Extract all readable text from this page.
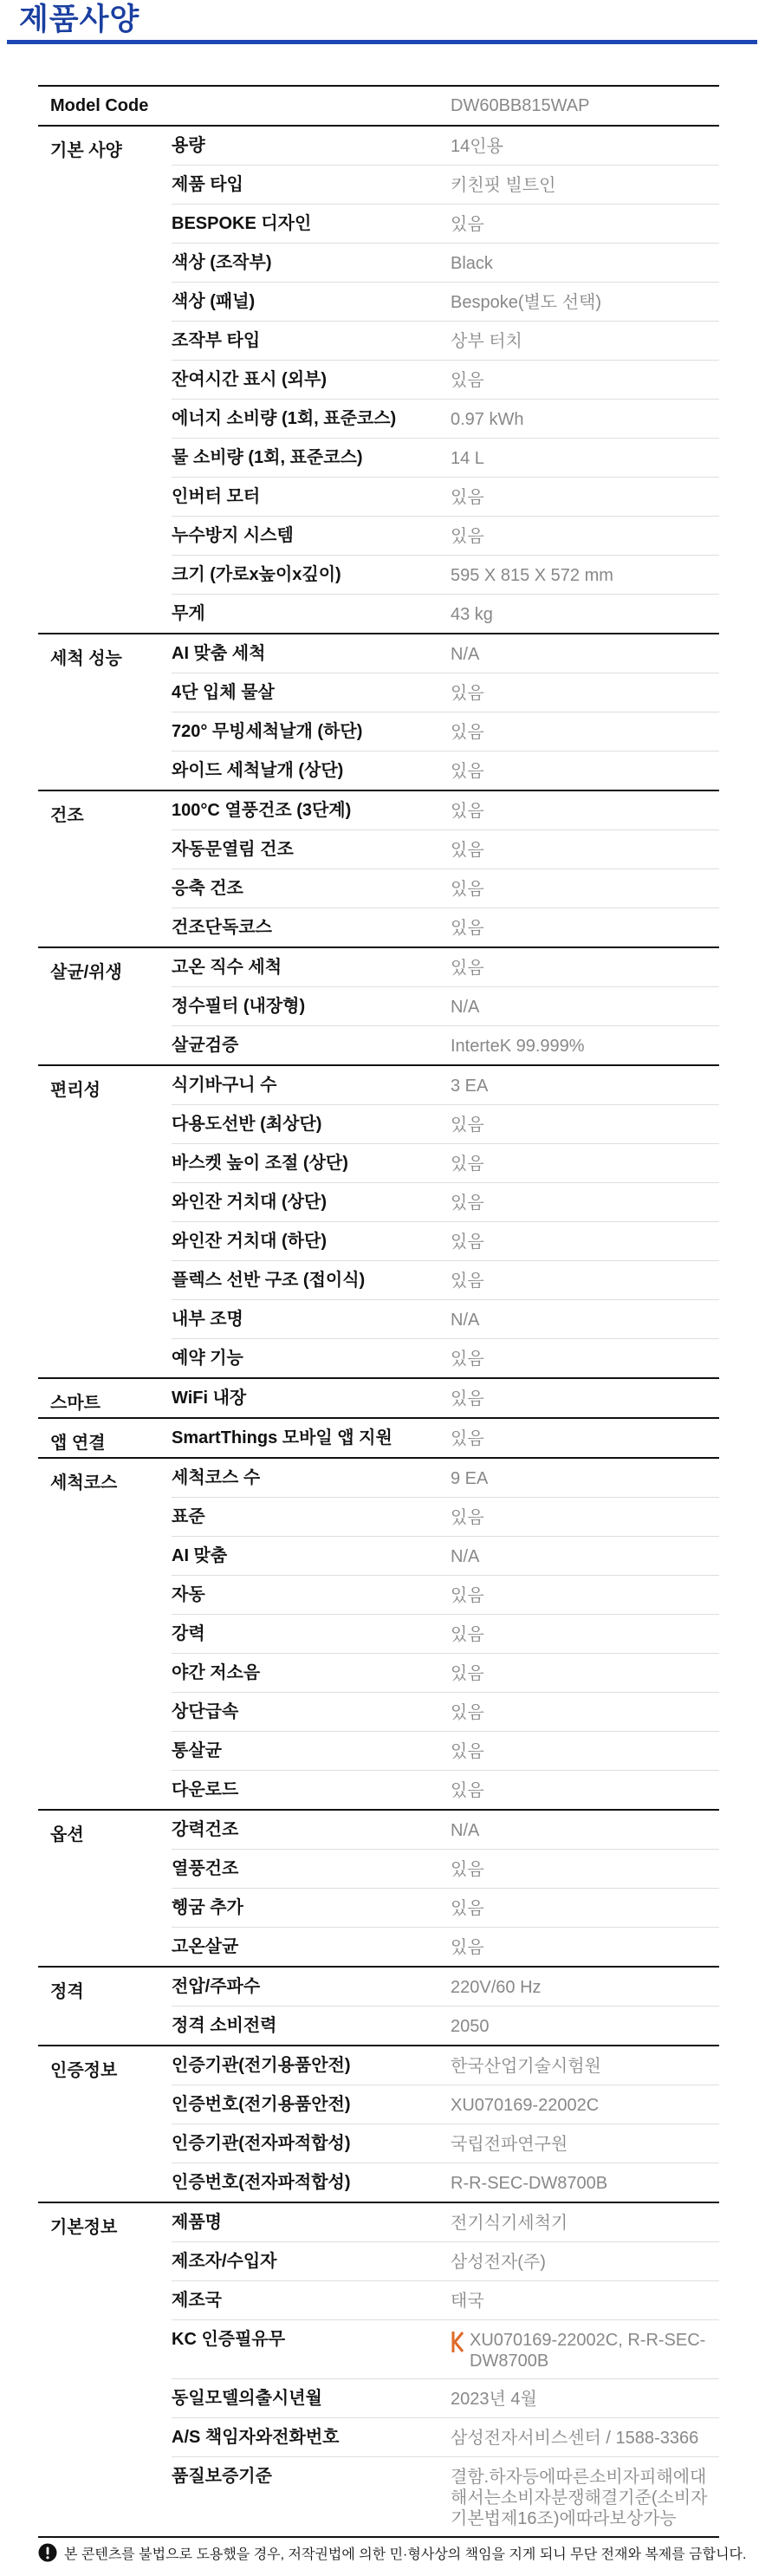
제품사양
Model Code	DW60BB815WAP
기본 사양	용량	14인용
제품 타입	키친핏 빌트인
BESPOKE 디자인	있음
색상 (조작부)	Black
색상 (패널)	Bespoke(별도 선택)
조작부 타입	상부 터치
잔여시간 표시 (외부)	있음
에너지 소비량 (1회, 표준코스)	0.97 kWh
물 소비량 (1회, 표준코스)	14 L
인버터 모터	있음
누수방지 시스템	있음
크기 (가로x높이x깊이)	595 X 815 X 572 mm
무게	43 kg
세척 성능	AI 맞춤 세척	N/A
4단 입체 물살	있음
720° 무빙세척날개 (하단)	있음
와이드 세척날개 (상단)	있음
건조	100°C 열풍건조 (3단계)	있음
자동문열림 건조	있음
응축 건조	있음
건조단독코스	있음
살균/위생	고온 직수 세척	있음
정수필터 (내장형)	N/A
살균검증	InterteK 99.999%
편리성	식기바구니 수	3 EA
다용도선반 (최상단)	있음
바스켓 높이 조절 (상단)	있음
와인잔 거치대 (상단)	있음
와인잔 거치대 (하단)	있음
플렉스 선반 구조 (접이식)	있음
내부 조명	N/A
예약 기능	있음
스마트	WiFi 내장	있음
앱 연결	SmartThings 모바일 앱 지원	있음
세척코스	세척코스 수	9 EA
표준	있음
AI 맞춤	N/A
자동	있음
강력	있음
야간 저소음	있음
상단급속	있음
통살균	있음
다운로드	있음
옵션	강력건조	N/A
열풍건조	있음
헹굼 추가	있음
고온살균	있음
정격	전압/주파수	220V/60 Hz
정격 소비전력	2050
인증정보	인증기관(전기용품안전)	한국산업기술시험원
인증번호(전기용품안전)	XU070169-22002C
인증기관(전자파적합성)	국립전파연구원
인증번호(전자파적합성)	R-R-SEC-DW8700B
기본정보	제품명	전기식기세척기
제조자/수입자	삼성전자(주)
제조국	태국
KC 인증필유무	XU070169-22002C, R-R-SEC-DW8700B
동일모델의출시년월	2023년 4월
A/S 책임자와전화번호	삼성전자서비스센터 / 1588-3366
품질보증기준	결함.하자등에따른소비자피해에대해서는소비자분쟁해결기준(소비자기본법제16조)에따라보상가능
본 콘텐츠를 불법으로 도용했을 경우, 저작권법에 의한 민·형사상의 책임을 지게 되니 무단 전재와 복제를 금합니다.
